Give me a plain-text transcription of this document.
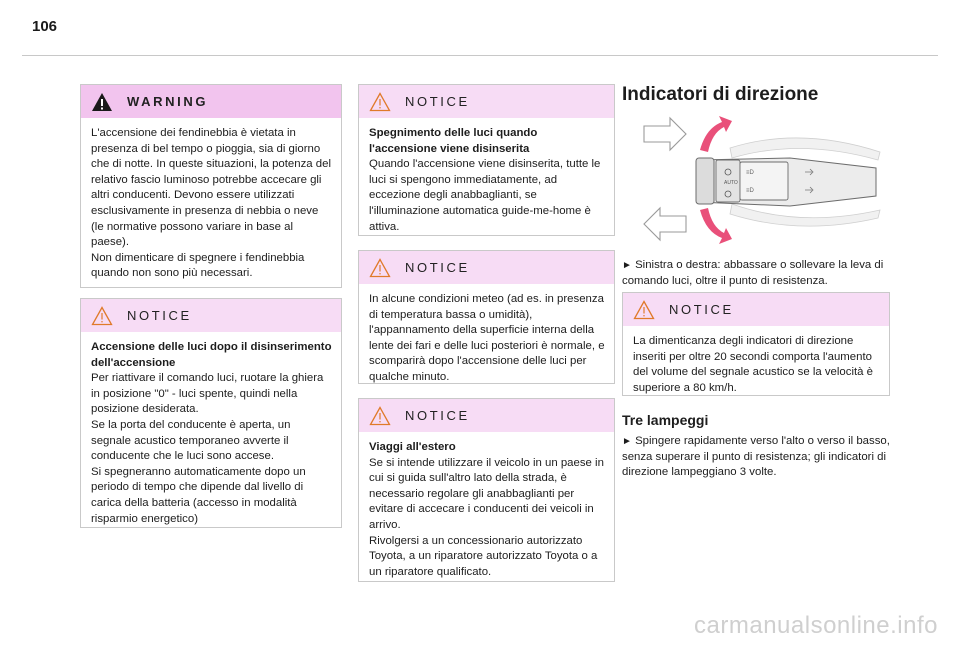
106
WARNING

L'accensione dei fendinebbia è vietata in presenza di bel tempo o pioggia, sia di giorno che di notte. In queste situazioni, la potenza del relativo fascio luminoso potrebbe accecare gli altri conducenti. Devono essere utilizzati esclusivamente in presenza di nebbia o neve (le normative possono variare in base al paese).

Non dimenticare di spegnere i fendinebbia quando non sono più necessari.

NOTICE

Accensione delle luci dopo il disinserimento dell'accensione

Per riattivare il comando luci, ruotare la ghiera in posizione "0" - luci spente, quindi nella posizione desiderata.

Se la porta del conducente è aperta, un segnale acustico temporaneo avverte il conducente che le luci sono accese.

Si spegneranno automaticamente dopo un periodo di tempo che dipende dal livello di carica della batteria (accesso in modalità risparmio energetico)

NOTICE

Spegnimento delle luci quando l'accensione viene disinserita

Quando l'accensione viene disinserita, tutte le luci si spengono immediatamente, ad eccezione degli anabbaglianti, se l'illuminazione automatica guide-me-home è attiva.

NOTICE

In alcune condizioni meteo (ad es. in presenza di temperatura bassa o umidità), l'appannamento della superficie interna della lente dei fari e delle luci posteriori è normale, e scomparirà dopo l'accensione delle luci per qualche minuto.

NOTICE

Viaggi all'estero

Se si intende utilizzare il veicolo in un paese in cui si guida sull'altro lato della strada, è necessario regolare gli anabbaglianti per evitare di accecare i conducenti dei veicoli in arrivo.

Rivolgersi a un concessionario autorizzato Toyota, a un riparatore autorizzato Toyota o a un riparatore qualificato.

Indicatori di direzione
AUTO
≡D
≡D
► Sinistra o destra: abbassare o sollevare la leva di comando luci, oltre il punto di resistenza.
NOTICE

La dimenticanza degli indicatori di direzione inseriti per oltre 20 secondi comporta l'aumento del volume del segnale acustico se la velocità è superiore a 80 km/h.

Tre lampeggi
► Spingere rapidamente verso l'alto o verso il basso, senza superare il punto di resistenza; gli indicatori di direzione lampeggiano 3 volte.
carmanualsonline.info
